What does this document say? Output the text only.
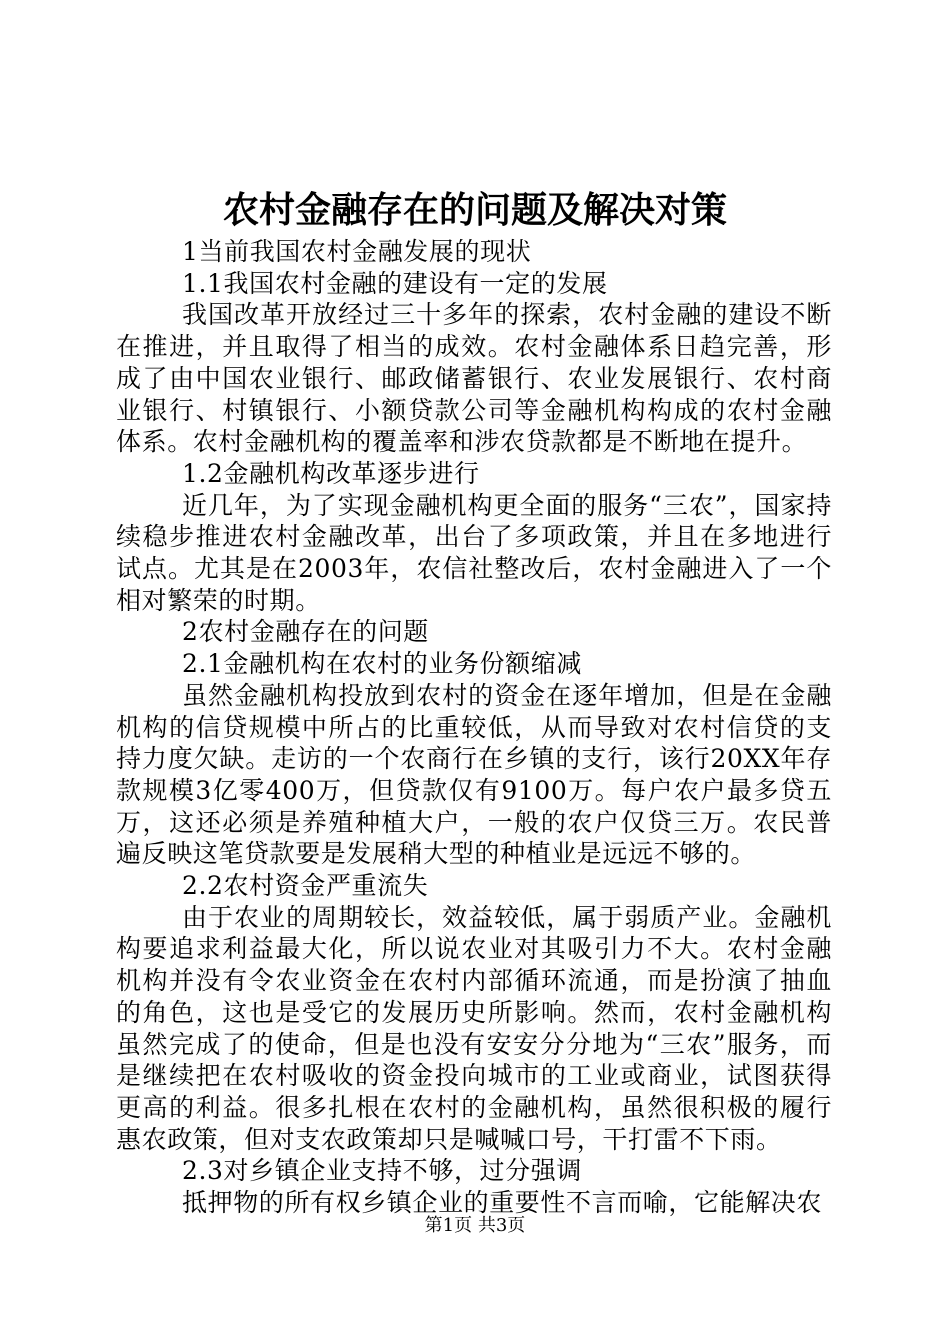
农村金融存在的问题及解决对策

1当前我国农村金融发展的现状

1.1我国农村金融的建设有一定的发展

我国改革开放经过三十多年的探索，农村金融的建设不断在推进，并且取得了相当的成效。农村金融体系日趋完善，形成了由中国农业银行、邮政储蓄银行、农业发展银行、农村商业银行、村镇银行、小额贷款公司等金融机构构成的农村金融体系。农村金融机构的覆盖率和涉农贷款都是不断地在提升。

1.2金融机构改革逐步进行

近几年，为了实现金融机构更全面的服务“三农”，国家持续稳步推进农村金融改革，出台了多项政策，并且在多地进行试点。尤其是在2003年，农信社整改后，农村金融进入了一个相对繁荣的时期。

2农村金融存在的问题

2.1金融机构在农村的业务份额缩减

虽然金融机构投放到农村的资金在逐年增加，但是在金融机构的信贷规模中所占的比重较低，从而导致对农村信贷的支持力度欠缺。走访的一个农商行在乡镇的支行，该行20XX年存款规模3亿零400万，但贷款仅有9100万。每户农户最多贷五万，这还必须是养殖种植大户，一般的农户仅贷三万。农民普遍反映这笔贷款要是发展稍大型的种植业是远远不够的。

2.2农村资金严重流失

由于农业的周期较长，效益较低，属于弱质产业。金融机构要追求利益最大化，所以说农业对其吸引力不大。农村金融机构并没有令农业资金在农村内部循环流通，而是扮演了抽血的角色，这也是受它的发展历史所影响。然而，农村金融机构虽然完成了的使命，但是也没有安安分分地为“三农”服务，而是继续把在农村吸收的资金投向城市的工业或商业，试图获得更高的利益。很多扎根在农村的金融机构，虽然很积极的履行惠农政策，但对支农政策却只是喊喊口号，干打雷不下雨。

2.3对乡镇企业支持不够，过分强调

抵押物的所有权乡镇企业的重要性不言而喻，它能解决农

第1页 共3页
